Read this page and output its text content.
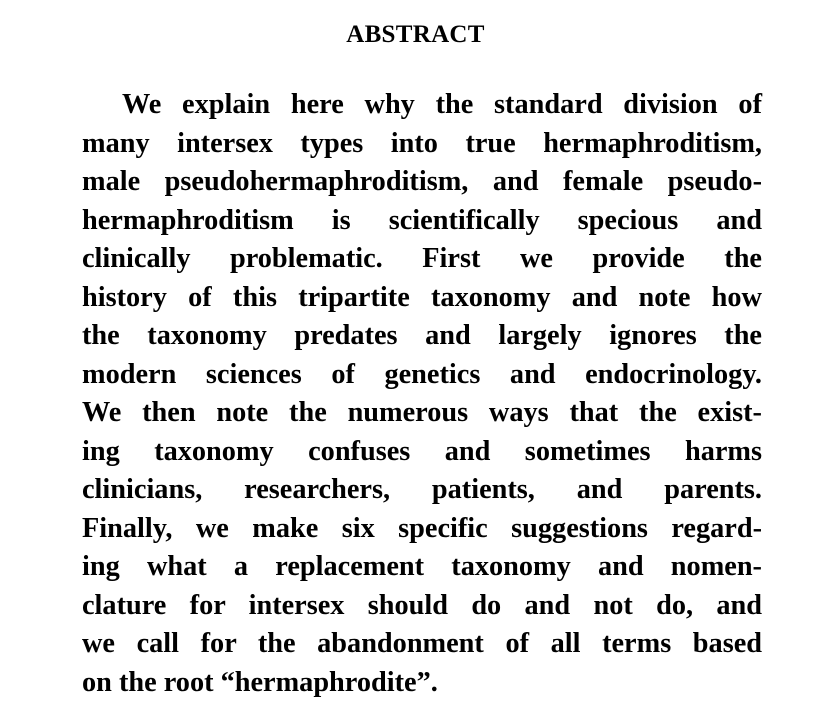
ABSTRACT
We explain here why the standard division of
many intersex types into true hermaphroditism,
male pseudohermaphroditism, and female pseudo-
hermaphroditism is scientifically specious and
clinically problematic. First we provide the
history of this tripartite taxonomy and note how
the taxonomy predates and largely ignores the
modern sciences of genetics and endocrinology.
We then note the numerous ways that the exist-
ing taxonomy confuses and sometimes harms
clinicians, researchers, patients, and parents.
Finally, we make six specific suggestions regard-
ing what a replacement taxonomy and nomen-
clature for intersex should do and not do, and
we call for the abandonment of all terms based
on the root “hermaphrodite”.
